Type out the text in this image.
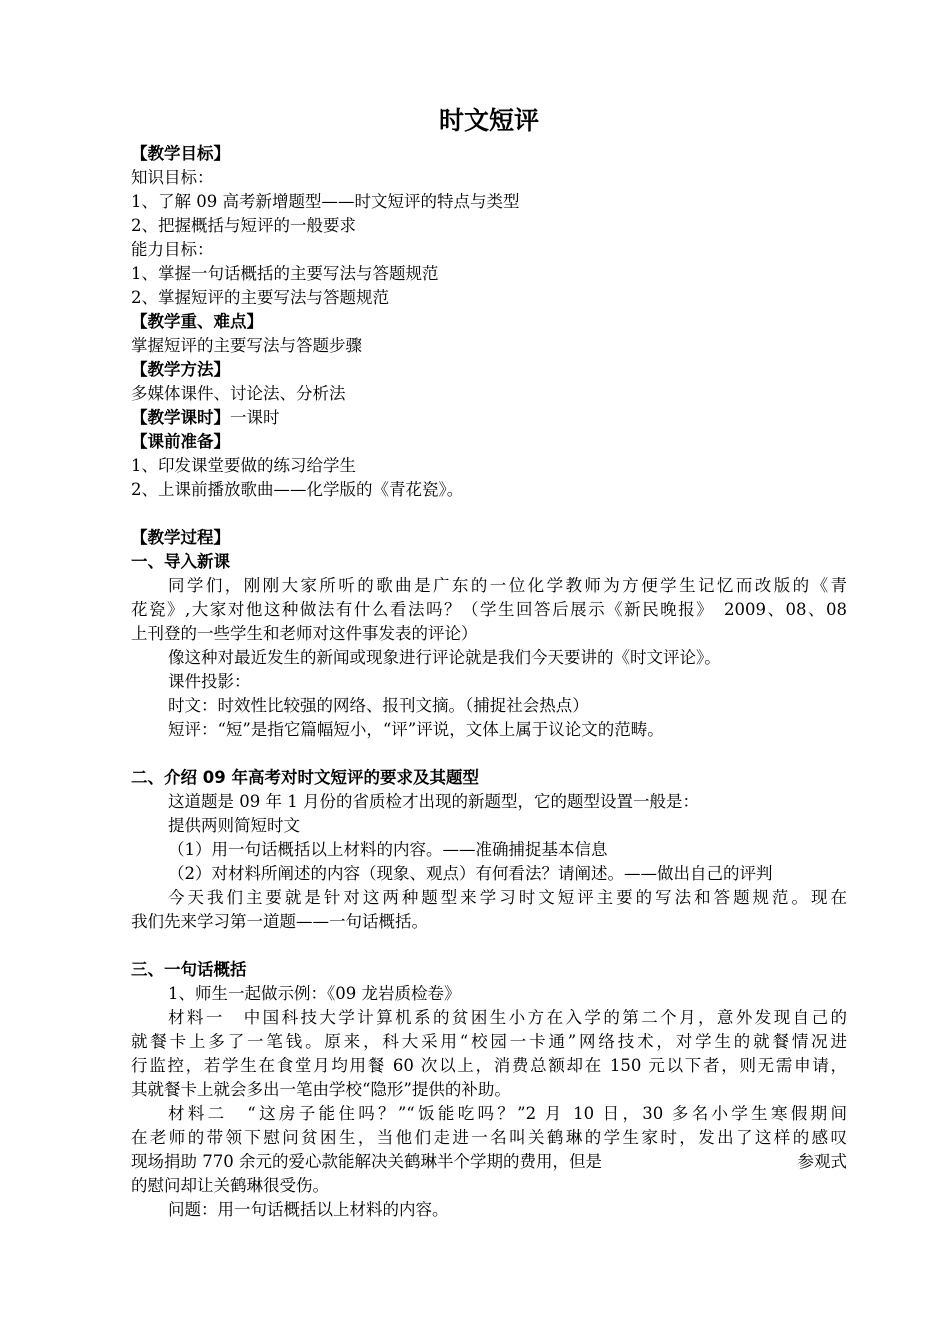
时文短评
【教学目标】
知识目标：
1、了解 09 高考新增题型——时文短评的特点与类型
2、把握概括与短评的一般要求
能力目标：
1、掌握一句话概括的主要写法与答题规范
2、掌握短评的主要写法与答题规范
【教学重、难点】
掌握短评的主要写法与答题步骤
【教学方法】
多媒体课件、讨论法、分析法
【教学课时】一课时
【课前准备】
1、印发课堂要做的练习给学生
2、上课前播放歌曲——化学版的《青花瓷》。
【教学过程】
一、导入新课
同学们，刚刚大家所听的歌曲是广东的一位化学教师为方便学生记忆而改版的《青
花瓷》,大家对他这种做法有什么看法吗？（学生回答后展示《新民晚报》　2009、08、08
上刊登的一些学生和老师对这件事发表的评论）
像这种对最近发生的新闻或现象进行评论就是我们今天要讲的《时文评论》。
课件投影：
时文：时效性比较强的网络、报刊文摘。（捕捉社会热点）
短评：“短”是指它篇幅短小，“评”评说，文体上属于议论文的范畴。
二、介绍 09 年高考对时文短评的要求及其题型
这道题是 09 年 1 月份的省质检才出现的新题型，它的题型设置一般是：
提供两则简短时文
（1）用一句话概括以上材料的内容。——准确捕捉基本信息
（2）对材料所阐述的内容（现象、观点）有何看法？请阐述。——做出自己的评判
今天我们主要就是针对这两种题型来学习时文短评主要的写法和答题规范。现在
我们先来学习第一道题——一句话概括。
三、一句话概括
1、师生一起做示例：《09 龙岩质检卷》
材料一　中国科技大学计算机系的贫困生小方在入学的第二个月，意外发现自己的
就餐卡上多了一笔钱。原来，科大采用“校园一卡通”网络技术，对学生的就餐情况进
行监控，若学生在食堂月均用餐 60 次以上，消费总额却在 150 元以下者，则无需申请，
其就餐卡上就会多出一笔由学校“隐形”提供的补助。
材料二　“这房子能住吗？”“饭能吃吗？”2 月 10 日，30 多名小学生寒假期间
在老师的带领下慰问贫困生，当他们走进一名叫关鹤琳的学生家时，发出了这样的感叹
现场捐助 770 余元的爱心款能解决关鹤琳半个学期的费用，但是	参观式
的慰问却让关鹤琳很受伤。
问题：用一句话概括以上材料的内容。
